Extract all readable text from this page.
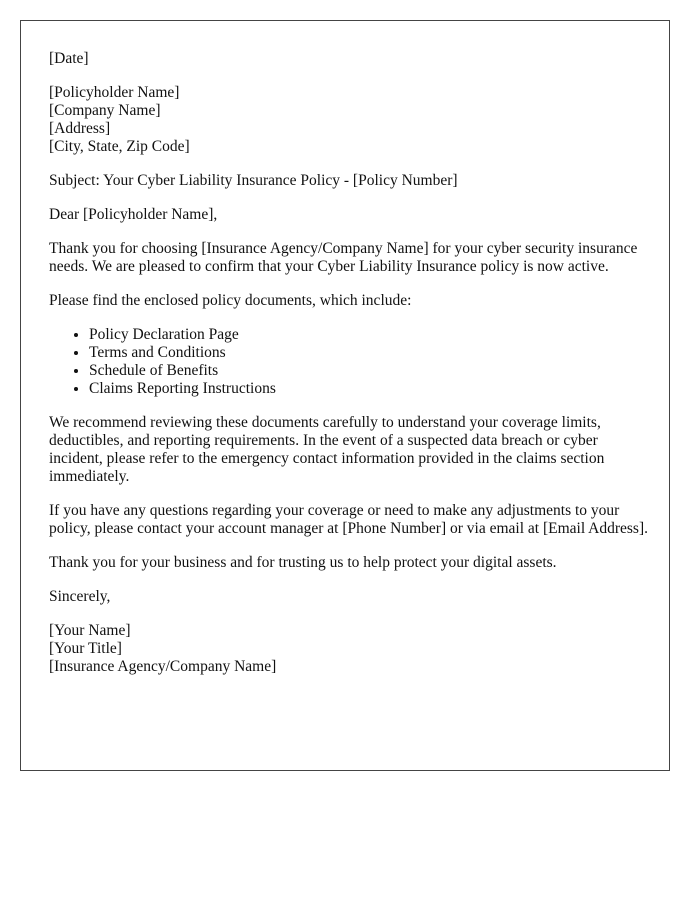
[Date]

[Policyholder Name]
[Company Name]
[Address]
[City, State, Zip Code]

Subject: Your Cyber Liability Insurance Policy - [Policy Number]

Dear [Policyholder Name],

Thank you for choosing [Insurance Agency/Company Name] for your cyber security insurance needs. We are pleased to confirm that your Cyber Liability Insurance policy is now active.

Please find the enclosed policy documents, which include:

• Policy Declaration Page
• Terms and Conditions
• Schedule of Benefits
• Claims Reporting Instructions

We recommend reviewing these documents carefully to understand your coverage limits, deductibles, and reporting requirements. In the event of a suspected data breach or cyber incident, please refer to the emergency contact information provided in the claims section immediately.

If you have any questions regarding your coverage or need to make any adjustments to your policy, please contact your account manager at [Phone Number] or via email at [Email Address].

Thank you for your business and for trusting us to help protect your digital assets.

Sincerely,

[Your Name]
[Your Title]
[Insurance Agency/Company Name]
